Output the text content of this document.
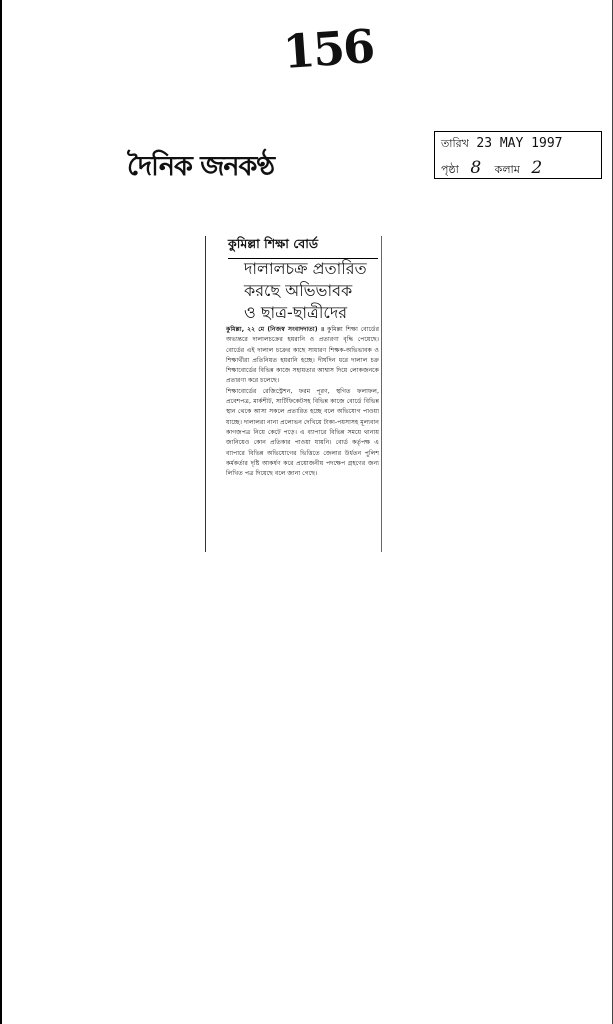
156
দৈনিক জনকণ্ঠ
তারিখ 23 MAY 1997
পৃষ্ঠা 8 কলাম 2
কুমিল্লা শিক্ষা বোর্ড
দালালচক্র প্রতারিত
করছে অভিভাবক
ও ছাত্র-ছাত্রীদের

কুমিল্লা, ২২ মে (নিজস্ব সংবাদদাতা) ॥ কুমিল্লা শিক্ষা বোর্ডের অভ্যন্তরে দালালচক্রের হয়রানি ও প্রতারণা বৃদ্ধি পেয়েছে। বোর্ডের এই দালাল চক্রের কাছে সাধারণ শিক্ষক-অভিভাবক ও শিক্ষার্থীরা প্রতিনিয়ত হয়রানি হচ্ছে। দীর্ঘদিন ধরে দালাল চক্র শিক্ষাবোর্ডের বিভিন্ন কাজে সহায়তার আশ্বাস দিয়ে লোকজনকে প্রতারণা করে চলেছে।

শিক্ষাবোর্ডের রেজিস্ট্রেশন, ফরম পূরণ, স্থগিত ফলাফল, প্রবেশপত্র, মার্কশীট, সার্টিফিকেটসহ বিভিন্ন কাজে বোর্ডে বিভিন্ন স্থান থেকে আসা সকলে প্রতারিত হচ্ছে বলে অভিযোগ পাওয়া যাচ্ছে। দালালরা নানা প্রলোভন দেখিয়ে টাকা-পয়সাসহ মূল্যবান কাগজপত্র নিয়ে কেটে পড়ে। এ ব্যাপারে বিভিন্ন সময়ে থানায় জানিয়েও কোন প্রতিকার পাওয়া যায়নি। বোর্ড কর্তৃপক্ষ এ ব্যাপারে বিভিন্ন অভিযোগের ভিত্তিতে জেলার উর্ধতন পুলিশ কর্মকর্তার দৃষ্টি আকর্ষণ করে প্রয়োজনীয় পদক্ষেপ গ্রহণের জন্য লিখিত পত্র দিয়েছে বলে জানা গেছে।
